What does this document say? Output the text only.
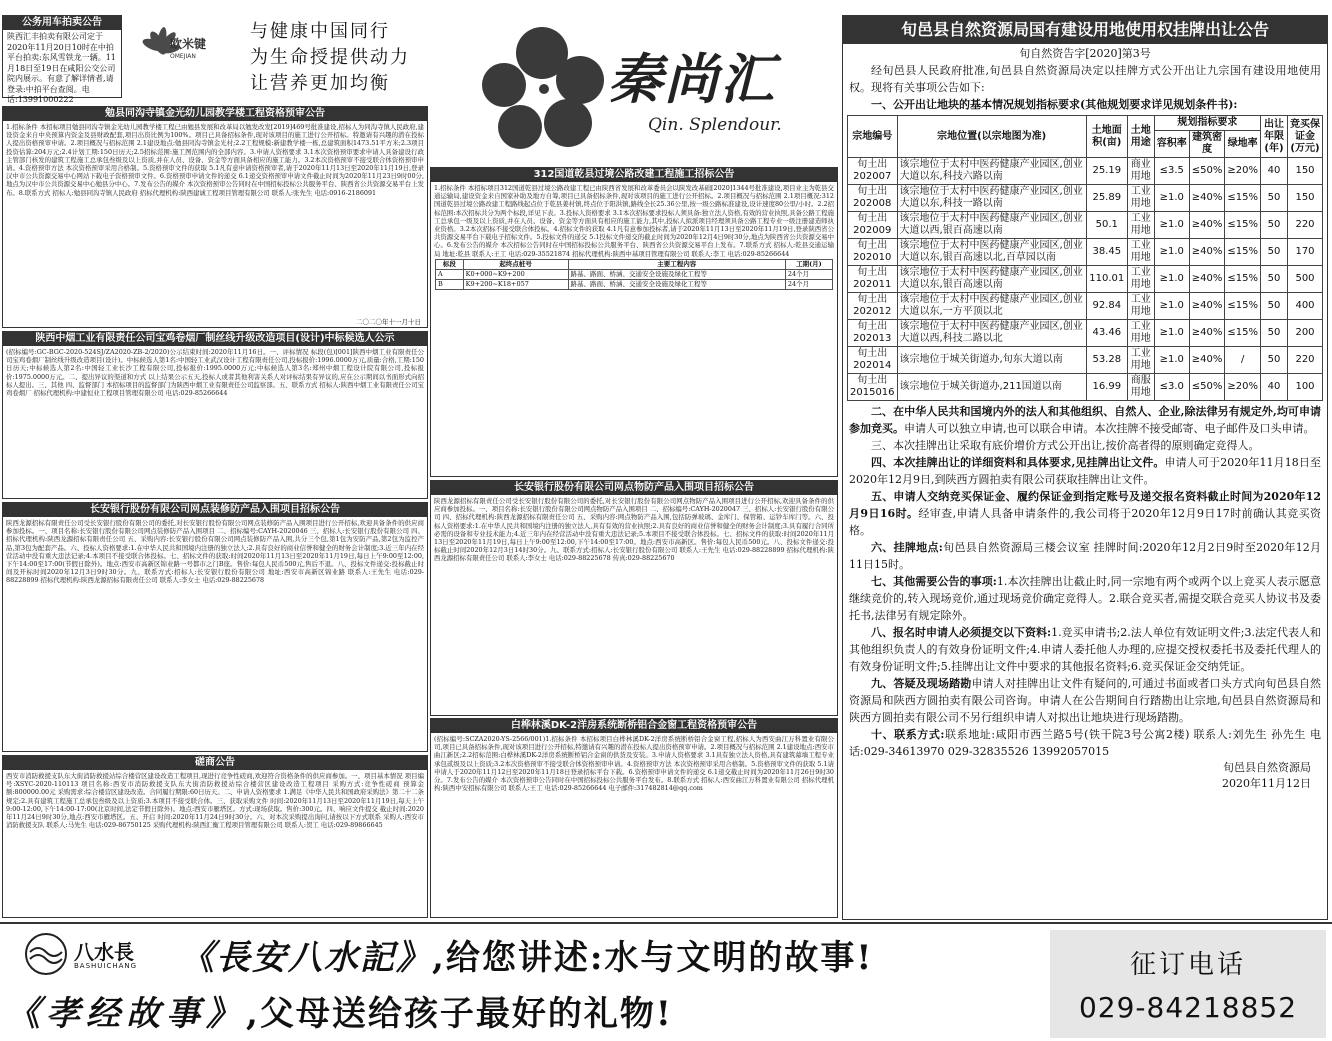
公务用车拍卖公告
陕西汇丰拍卖有限公司定于2020年11月20日10时在中拍平台拍卖:东风雪铁龙一辆。11月18日至19日在咸阳公交公司院内展示。有意了解详情者,请登录:中拍平台查阅。电话:13991000222
欧米键
OMEJIAN
与健康中国同行
为生命授提供动力
让营养更加均衡	秦尚汇
Qin. Splendour.
勉县同沟寺镇金光幼儿园教学楼工程资格预审公告
1.招标条件 本招标项目勉县同沟寺镇金光幼儿园教学楼工程已由勉县发展和改革局以勉发改发[2019]469号批准建设,招标人为同沟寺镇人民政府,建设资金来自中央预算内资金及县财政配套,项目出资比例为100%。项目已具备招标条件,现对该项目的施工进行公开招标。特邀请有兴趣的潜在投标人提出资格预审申请。2.项目概况与招标范围 2.1建设地点:勉县同沟寺镇金光村;2.2工程规模:新建教学楼一栋,总建筑面积1473.51平方米;2.3项目投资估算:204万元;2.4计划工期:150日历天;2.5招标范围:施工图范围内的全部内容。3.申请人资格要求 3.1本次资格预审要求申请人具备建设行政主管部门核发的建筑工程施工总承包叁级及以上资质,并在人员、设备、资金等方面具备相应的施工能力。3.2本次资格预审不接受联合体资格预审申请。4.资格预审方法 本次资格预审采用合格制。5.资格预审文件的获取 5.1凡有意申请资格预审者,请于2020年11月13日至2020年11月19日,登录汉中市公共资源交易中心网站下载电子资格预审文件。6.资格预审申请文件的递交 6.1递交资格预审申请文件截止时间为2020年11月23日9时00分,地点为汉中市公共资源交易中心勉县分中心。7.发布公告的媒介 本次资格预审公告同时在中国招标投标公共服务平台、陕西省公共资源交易平台上发布。8.联系方式 招标人:勉县同沟寺镇人民政府 招标代理机构:陕西建诚工程项目管理有限公司 联系人:张先生 电话:0916-2186091
二〇二〇年十一月十日
陕西中烟工业有限责任公司宝鸡卷烟厂制丝线升级改造项目(设计)中标候选人公示
(招标编号:GC-BGC-2020-524SJ/ZA2020-ZB-2/2020)公示结束时间:2020年11月16日。一、评标情况 标段(包)[001]陕西中烟工业有限责任公司宝鸡卷烟厂制丝线升级改造项目(设计)。中标候选人第1名:中国轻工业武汉设计工程有限责任公司,投标报价:1996.0000万元,质量:合格,工期:150日历天;中标候选人第2名:中国轻工业长沙工程有限公司,投标报价:1995.0000万元;中标候选人第3名:郑州中烟工程设计院有限公司,投标报价:1975.0000万元。二、提出异议的渠道和方式 以上结果公示五天,投标人或者其他利害关系人对评标结果有异议的,应在公示期间以书面形式向招标人提出。三、其他 四、监督部门 本招标项目的监督部门为陕西中烟工业有限责任公司监察部。五、联系方式 招标人:陕西中烟工业有限责任公司宝鸡卷烟厂 招标代理机构:中建恒业工程项目管理有限公司 电话:029-85266644
长安银行股份有限公司网点装修防产品入围项目招标公告
陕西龙源招标有限责任公司受长安银行股份有限公司的委托,对长安银行股份有限公司网点装修防产品入围项目进行公开招标,欢迎具备条件的供应商参加投标。一、项目名称:长安银行股份有限公司网点装修防产品入围项目 二、招标编号:CAYH-2020046 三、招标人:长安银行股份有限公司 四、招标代理机构:陕西龙源招标有限责任公司 五、采购内容:长安银行股份有限公司网点装修防产品入围,共分三个包,第1包为安防产品,第2包为监控产品,第3包为配套产品。六、投标人资格要求:1.在中华人民共和国境内注册的独立法人;2.具有良好的商业信誉和健全的财务会计制度;3.近三年内在经营活动中没有重大违法记录;4.本项目不接受联合体投标。七、招标文件的获取:时间2020年11月13日至2020年11月19日,每日上午9:00至12:00,下午14:00至17:00(节假日除外)。地点:西安市高新区锦业路一号都市之门B座。售价:每包人民币500元,售后不退。八、投标文件递交:投标截止时间及开标时间2020年12月3日9时30分。九、联系方式:招标人:长安银行股份有限公司 地址:西安市高新区锦业路 联系人:王先生 电话:029-88228899 招标代理机构:陕西龙源招标有限责任公司 联系人:李女士 电话:029-88225678
磋商公告
西安市消防救援支队东大街消防救援站综合楼营区建设改造工程项目,现进行竞争性磋商,欢迎符合资格条件的供应商参加。一、项目基本情况 项目编号:XSYC-2020-110113 项目名称:西安市消防救援支队东大街消防救援站综合楼营区建设改造工程项目 采购方式:竞争性磋商 预算金额:800000.00元 采购需求:综合楼营区建设改造。合同履行期限:60日历天。二、申请人资格要求 1.满足《中华人民共和国政府采购法》第二十二条规定;2.具有建筑工程施工总承包叁级及以上资质;3.本项目不接受联合体。三、获取采购文件 时间:2020年11月13日至2020年11月19日,每天上午9:00-12:00,下午14:00-17:00(北京时间,法定节假日除外)。地点:西安市雁塔区。方式:现场获取。售价:300元。四、响应文件提交 截止时间:2020年11月24日9时30分,地点:西安市雁塔区。五、开启 时间:2020年11月24日9时30分。六、对本次采购提出询问,请按以下方式联系 采购人:西安市消防救援支队 联系人:马先生 电话:029-86750125 采购代理机构:陕西汇衡工程项目管理有限公司 联系人:贺工 电话:029-89866645
312国道乾县过境公路改建工程施工招标公告
1.招标条件 本招标项目312国道乾县过境公路改建工程已由陕西省发展和改革委员会以陕发改基础[2020]1344号批准建设,项目业主为乾县交通运输局,建设资金来自国家补助及地方自筹,项目已具备招标条件,现对该项目的施工进行公开招标。2.项目概况与招标范围 2.1项目概况:312国道乾县过境公路改建工程路线起点位于乾县姜村镇,终点位于阳洪镇,路线全长25.36公里,按一级公路标准建设,设计速度80公里/小时。2.2招标范围:本次招标共分为两个标段,详见下表。3.投标人资格要求 3.1本次招标要求投标人须具备:独立法人资格,有效的营业执照,具备公路工程施工总承包一级及以上资质,并在人员、设备、资金等方面具有相应的施工能力,其中,投标人拟派项目经理须具备公路工程专业一级注册建造师执业资格。3.2本次招标不接受联合体投标。4.招标文件的获取 4.1凡有意参加投标者,请于2020年11月13日至2020年11月19日,登录陕西省公共资源交易平台下载电子招标文件。5.投标文件的递交 5.1投标文件递交的截止时间为2020年12月4日9时30分,地点为陕西省公共资源交易中心。6.发布公告的媒介 本次招标公告同时在中国招标投标公共服务平台、陕西省公共资源交易平台上发布。7.联系方式 招标人:乾县交通运输局 地址:乾县 联系人:王工 电话:029-35521874 招标代理机构:陕西中基项目管理有限公司 联系人:李工 电话:029-85266644
标段	起终点桩号	主要工程内容	工期(月)
A	K0+000~K9+200	路基、路面、桥涵、交通安全设施及绿化工程等	24个月
B	K9+200~K18+057	路基、路面、桥涵、交通安全设施及绿化工程等	24个月
长安银行股份有限公司网点物防产品入围项目招标公告
陕西龙源招标有限责任公司受长安银行股份有限公司的委托,对长安银行股份有限公司网点物防产品入围项目进行公开招标,欢迎具备条件的供应商参加投标。一、项目名称:长安银行股份有限公司网点物防产品入围项目 二、招标编号:CAYH-2020047 三、招标人:长安银行股份有限公司 四、招标代理机构:陕西龙源招标有限责任公司 五、采购内容:网点物防产品入围,包括防弹玻璃、金库门、保管箱、运钞车库门等。六、投标人资格要求:1.在中华人民共和国境内注册的独立法人,具有有效的营业执照;2.具有良好的商业信誉和健全的财务会计制度;3.具有履行合同所必需的设备和专业技术能力;4.近三年内在经营活动中没有重大违法记录;5.本项目不接受联合体投标。七、招标文件的获取:时间2020年11月13日至2020年11月19日,每日上午9:00至12:00,下午14:00至17:00。地点:西安市高新区。售价:每包人民币500元。八、投标文件递交:投标截止时间2020年12月3日14时30分。九、联系方式:招标人:长安银行股份有限公司 联系人:王先生 电话:029-88228899 招标代理机构:陕西龙源招标有限责任公司 联系人:李女士 电话:029-88225678 传真:029-88225670
白桦林溪DK-2洋房系统断桥铝合金窗工程资格预审公告
(招标编号:SCZA2020-YS-2566/001)1.招标条件 本招标项目白桦林溪DK-2洋房系统断桥铝合金窗工程,招标人为西安曲江万科置业有限公司,项目已具备招标条件,现对该项目进行公开招标,特邀请有兴趣的潜在投标人提出资格预审申请。2.项目概况与招标范围 2.1建设地点:西安市曲江新区;2.2招标范围:白桦林溪DK-2洋房系统断桥铝合金窗的供货及安装。3.申请人资格要求 3.1具有独立法人资格,具有建筑幕墙工程专业承包贰级及以上资质;3.2本次资格预审不接受联合体资格预审申请。4.资格预审方法 本次资格预审采用合格制。5.资格预审文件的获取 5.1请申请人于2020年11月12日至2020年11月18日登录招标平台下载。6.资格预审申请文件的递交 6.1递交截止时间为2020年11月26日9时30分。7.发布公告的媒介 本次资格预审公告同时在中国招标投标公共服务平台发布。8.联系方式 招标人:西安曲江万科置业有限公司 招标代理机构:陕西中安招标有限公司 联系人:王工 电话:029-85266644 电子邮件:317482814@qq.com
旬邑县自然资源局国有建设用地使用权挂牌出让公告
旬自然资告字[2020]第3号

经旬邑县人民政府批准,旬邑县自然资源局决定以挂牌方式公开出让九宗国有建设用地使用权。现将有关事项公告如下:

一、公开出让地块的基本情况规划指标要求(其他规划要求详见规划条件书):

宗地编号	宗地位置(以宗地图为准)	土地面积(亩)	土地用途	规划指标要求			出让年限(年)	竞买保证金(万元)
				容积率	建筑密度	绿地率		
旬土出202007	该宗地位于太村中医药健康产业园区,创业大道以东,科技六路以南	25.19	商业用地	≤3.5	≤50%	≥20%	40	150
旬土出202008	该宗地位于太村中医药健康产业园区,创业大道以东,科技一路以南	25.89	工业用地	≥1.0	≥40%	≤15%	50	150
旬土出202009	该宗地位于太村中医药健康产业园区,创业大道以西,银百高速以南	50.1	工业用地	≥1.0	≥40%	≤15%	50	220
旬土出202010	该宗地位于太村中医药健康产业园区,创业大道以东,银百高速以北,百草园以南	38.45	工业用地	≥1.0	≥40%	≤15%	50	170
旬土出202011	该宗地位于太村中医药健康产业园区,创业大道以东,银百高速以南	110.01	工业用地	≥1.0	≥40%	≤15%	50	500
旬土出202012	该宗地位于太村中医药健康产业园区,创业大道以东,一方平顶以北	92.84	工业用地	≥1.0	≥40%	≤15%	50	400
旬土出202013	该宗地位于太村中医药健康产业园区,创业大道以西,科技二路以北	43.46	工业用地	≥1.0	≥40%	≤15%	50	200
旬土出202014	该宗地位于城关街道办,旬东大道以南	53.28	工业用地	≥1.0	≥40%	/	50	220
旬土出2015016	该宗地位于城关街道办,211国道以南	16.99	商服用地	≤3.0	≤50%	≥20%	40	100

二、在中华人民共和国境内外的法人和其他组织、自然人、企业,除法律另有规定外,均可申请参加竞买。申请人可以独立申请,也可以联合申请。本次挂牌不接受邮寄、电子邮件及口头申请。

三、本次挂牌出让采取有底价增价方式公开出让,按价高者得的原则确定竞得人。

四、本次挂牌出让的详细资料和具体要求,见挂牌出让文件。申请人可于2020年11月18日至2020年12月9日,到陕西方圆拍卖有限公司获取挂牌出让文件。

五、申请人交纳竞买保证金、履约保证金到指定账号及递交报名资料截止时间为2020年12月9日16时。经审查,申请人具备申请条件的,我公司将于2020年12月9日17时前确认其竞买资格。

六、挂牌地点:旬邑县自然资源局三楼会议室 挂牌时间:2020年12月2日9时至2020年12月11日15时。

七、其他需要公告的事项:1.本次挂牌出让截止时,同一宗地有两个或两个以上竞买人表示愿意继续竞价的,转入现场竞价,通过现场竞价确定竞得人。2.联合竞买者,需提交联合竞买人协议书及委托书,法律另有规定除外。

八、报名时申请人必须提交以下资料:1.竞买申请书;2.法人单位有效证明文件;3.法定代表人和其他组织负责人的有效身份证明文件;4.申请人委托他人办理的,应提交授权委托书及委托代理人的有效身份证明文件;5.挂牌出让文件中要求的其他报名资料;6.竞买保证金交纳凭证。

九、答疑及现场踏勘申请人对挂牌出让文件有疑问的,可通过书面或者口头方式向旬邑县自然资源局和陕西方圆拍卖有限公司咨询。申请人在公告期间自行踏勘出让宗地,旬邑县自然资源局和陕西方圆拍卖有限公司不另行组织申请人对拟出让地块进行现场踏勘。

十、联系方式:联系地址:咸阳市西兰路5号(铁干院3号公寓2楼) 联系人:刘先生 孙先生 电话:029-34613970 029-32835526 13992057015

旬邑县自然资源局
2020年11月12日
八水長
BASHUICHANG 《長安八水記》,给您讲述:水与文明的故事!
《孝经故事》,父母送给孩子最好的礼物!
征订电话
029-84218852
